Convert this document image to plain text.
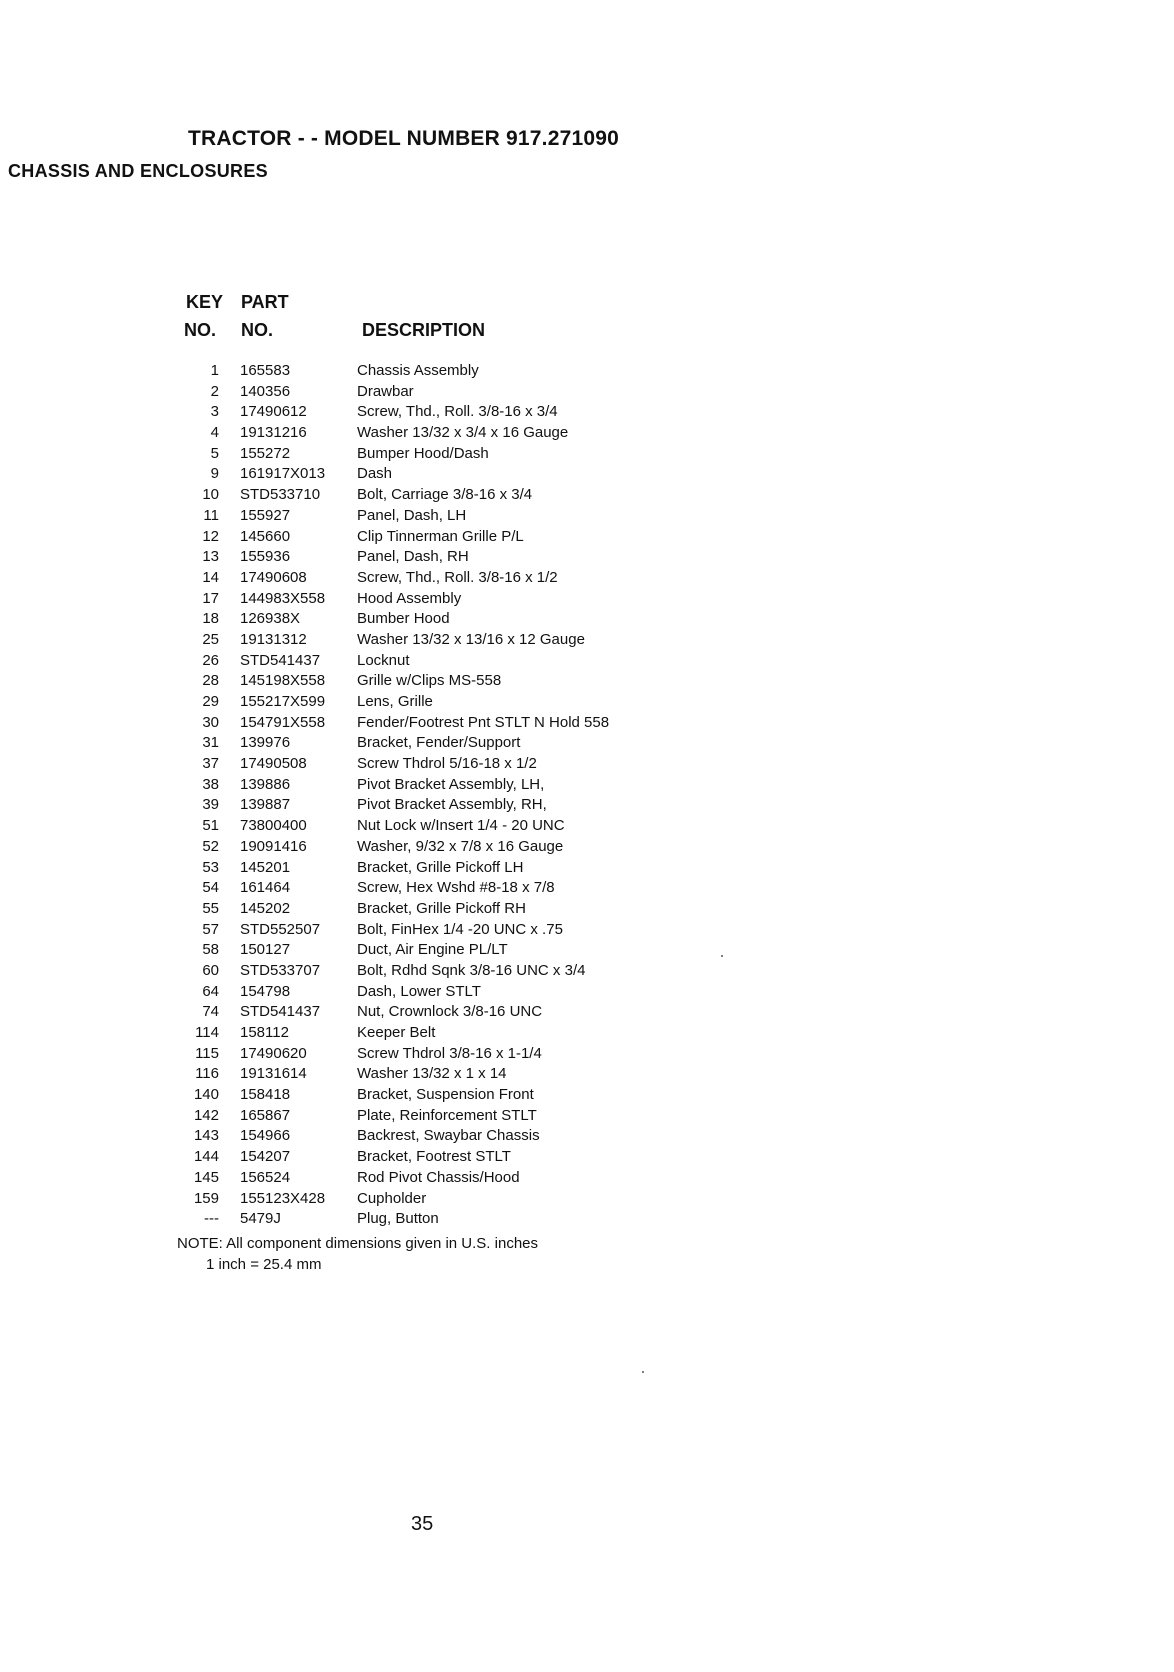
TRACTOR - - MODEL NUMBER 917.271090
CHASSIS AND ENCLOSURES
KEY PART
NO. NO.	DESCRIPTION
1 165583	Chassis Assembly
2 140356	Drawbar
3 17490612	Screw, Thd., Roll. 3/8-16 x 3/4
4 19131216	Washer 13/32 x 3/4 x 16 Gauge
5 155272	Bumper Hood/Dash
9 161917X013 Dash
10 STD533710 Bolt, Carriage 3/8-16 x 3/4
11 155927	Panel, Dash, LH
12 145660	Clip Tinnerman Grille P/L
13 155936	Panel, Dash, RH
14 17490608	Screw, Thd., Roll. 3/8-16 x 1/2
17 144983X558 Hood Assembly
18 126938X	Bumber Hood
25 19131312	Washer 13/32 x 13/16 x 12 Gauge
26 STD541437 Locknut
28 145198X558 Grille w/Clips MS-558
29 155217X599 Lens, Grille
30 154791X558 Fender/Footrest Pnt STLT N Hold 558
31 139976	Bracket, Fender/Support
37 17490508	Screw Thdrol 5/16-18 x 1/2
38 139886	Pivot Bracket Assembly, LH,
39 139887	Pivot Bracket Assembly, RH,
51 73800400	Nut Lock w/Insert 1/4 - 20 UNC
52 19091416	Washer, 9/32 x 7/8 x 16 Gauge
53 145201	Bracket, Grille Pickoff LH
54 161464	Screw, Hex Wshd #8-18 x 7/8
55 145202	Bracket, Grille Pickoff RH
57 STD552507 Bolt, FinHex 1/4 -20 UNC x .75
58 150127	Duct, Air Engine PL/LT
60 STD533707 Bolt, Rdhd Sqnk 3/8-16 UNC x 3/4
64 154798	Dash, Lower STLT
74 STD541437 Nut, Crownlock 3/8-16 UNC
114 158112	Keeper Belt
115 17490620	Screw Thdrol 3/8-16 x 1-1/4
116 19131614	Washer 13/32 x 1 x 14
140 158418	Bracket, Suspension Front
142 165867	Plate, Reinforcement STLT
143 154966	Backrest, Swaybar Chassis
144 154207	Bracket, Footrest STLT
145 156524	Rod Pivot Chassis/Hood
159 155123X428 Cupholder
--- 5479J	Plug, Button
NOTE: All component dimensions given in U.S. inches
1 inch = 25.4 mm
35
